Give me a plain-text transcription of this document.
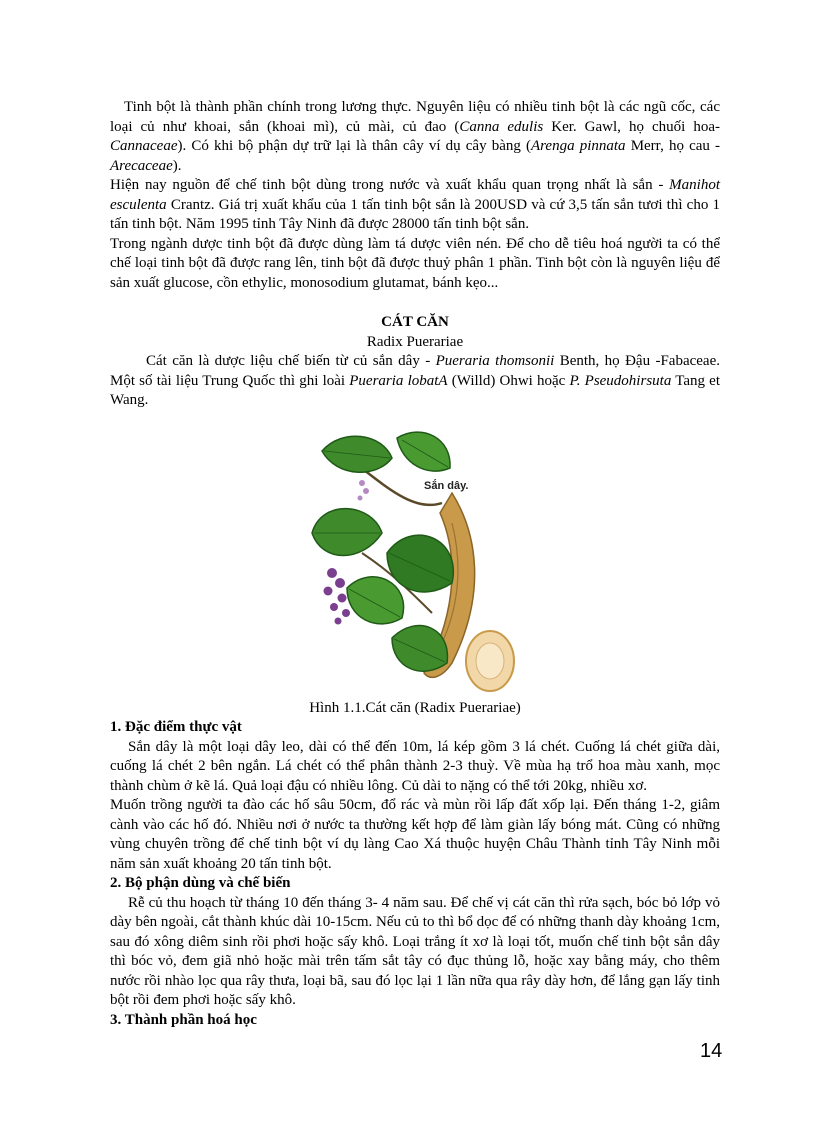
Tinh bột là thành phần chính trong lương thực. Nguyên liệu có nhiều tinh bột là các ngũ cốc, các loại củ như khoai, sắn (khoai mì), củ mài, củ đao (Canna edulis Ker. Gawl, họ chuối hoa- Cannaceae). Có khi bộ phận dự trữ lại là thân cây ví dụ cây bàng (Arenga pinnata Merr, họ cau - Arecaceae).

Hiện nay nguồn để chế tinh bột dùng trong nước và xuất khẩu quan trọng nhất là sắn - Manihot esculenta Crantz. Giá trị xuất khẩu của 1 tấn tinh bột sắn là 200USD và cứ 3,5 tấn sắn tươi thì cho 1 tấn tinh bột. Năm 1995 tỉnh Tây Ninh đã được 28000 tấn tinh bột sắn.

Trong ngành dược tinh bột đã được dùng làm tá dược viên nén. Để cho dễ tiêu hoá người ta có thể chế loại tinh bột đã được rang lên, tinh bột đã được thuỷ phân 1 phần. Tinh bột còn là nguyên liệu để sản xuất glucose, cồn ethylic, monosodium glutamat, bánh kẹo...

CÁT CĂN
Radix Puerariae

Cát căn là dược liệu chế biến từ củ sắn dây - Pueraria thomsonii Benth, họ Đậu -Fabaceae. Một số tài liệu Trung Quốc thì ghi loài Pueraria lobatA (Willd) Ohwi hoặc P. Pseudohirsuta Tang et Wang.

Sắn dây.
Hình 1.1.Cát căn (Radix Puerariae)
1. Đặc điểm thực vật

Sắn dây là một loại dây leo, dài có thể đến 10m, lá kép gồm 3 lá chét. Cuống lá chét giữa dài, cuống lá chét 2 bên ngắn. Lá chét có thể phân thành 2-3 thuỳ. Về mùa hạ trổ hoa màu xanh, mọc thành chùm ở kẽ lá. Quả loại đậu có nhiều lông. Củ dài to nặng có thể tới 20kg, nhiều xơ.

Muốn trồng người ta đào các hố sâu 50cm, đổ rác và mùn rồi lấp đất xốp lại. Đến tháng 1-2, giâm cành vào các hố đó. Nhiều nơi ở nước ta thường kết hợp để làm giàn lấy bóng mát. Cũng có những vùng chuyên trồng để chế tinh bột ví dụ làng Cao Xá thuộc huyện Châu Thành tỉnh Tây Ninh mỗi năm sản xuất khoảng 20 tấn tinh bột.

2. Bộ phận dùng và chế biến

Rễ củ thu hoạch từ tháng 10 đến tháng 3- 4 năm sau. Để chế vị cát căn thì rửa sạch, bóc bỏ lớp vỏ dày bên ngoài, cắt thành khúc dài 10-15cm. Nếu củ to thì bổ dọc để có những thanh dày khoảng 1cm, sau đó xông diêm sinh rồi phơi hoặc sấy khô. Loại trắng ít xơ là loại tốt, muốn chế tinh bột sắn dây thì bóc vỏ, đem giã nhỏ hoặc mài trên tấm sắt tây có đục thủng lỗ, hoặc xay bằng máy, cho thêm nước rồi nhào lọc qua rây thưa, loại bã, sau đó lọc lại 1 lần nữa qua rây dày hơn, để lắng gạn lấy tinh bột rồi đem phơi hoặc sấy khô.

3. Thành phần hoá học
14
